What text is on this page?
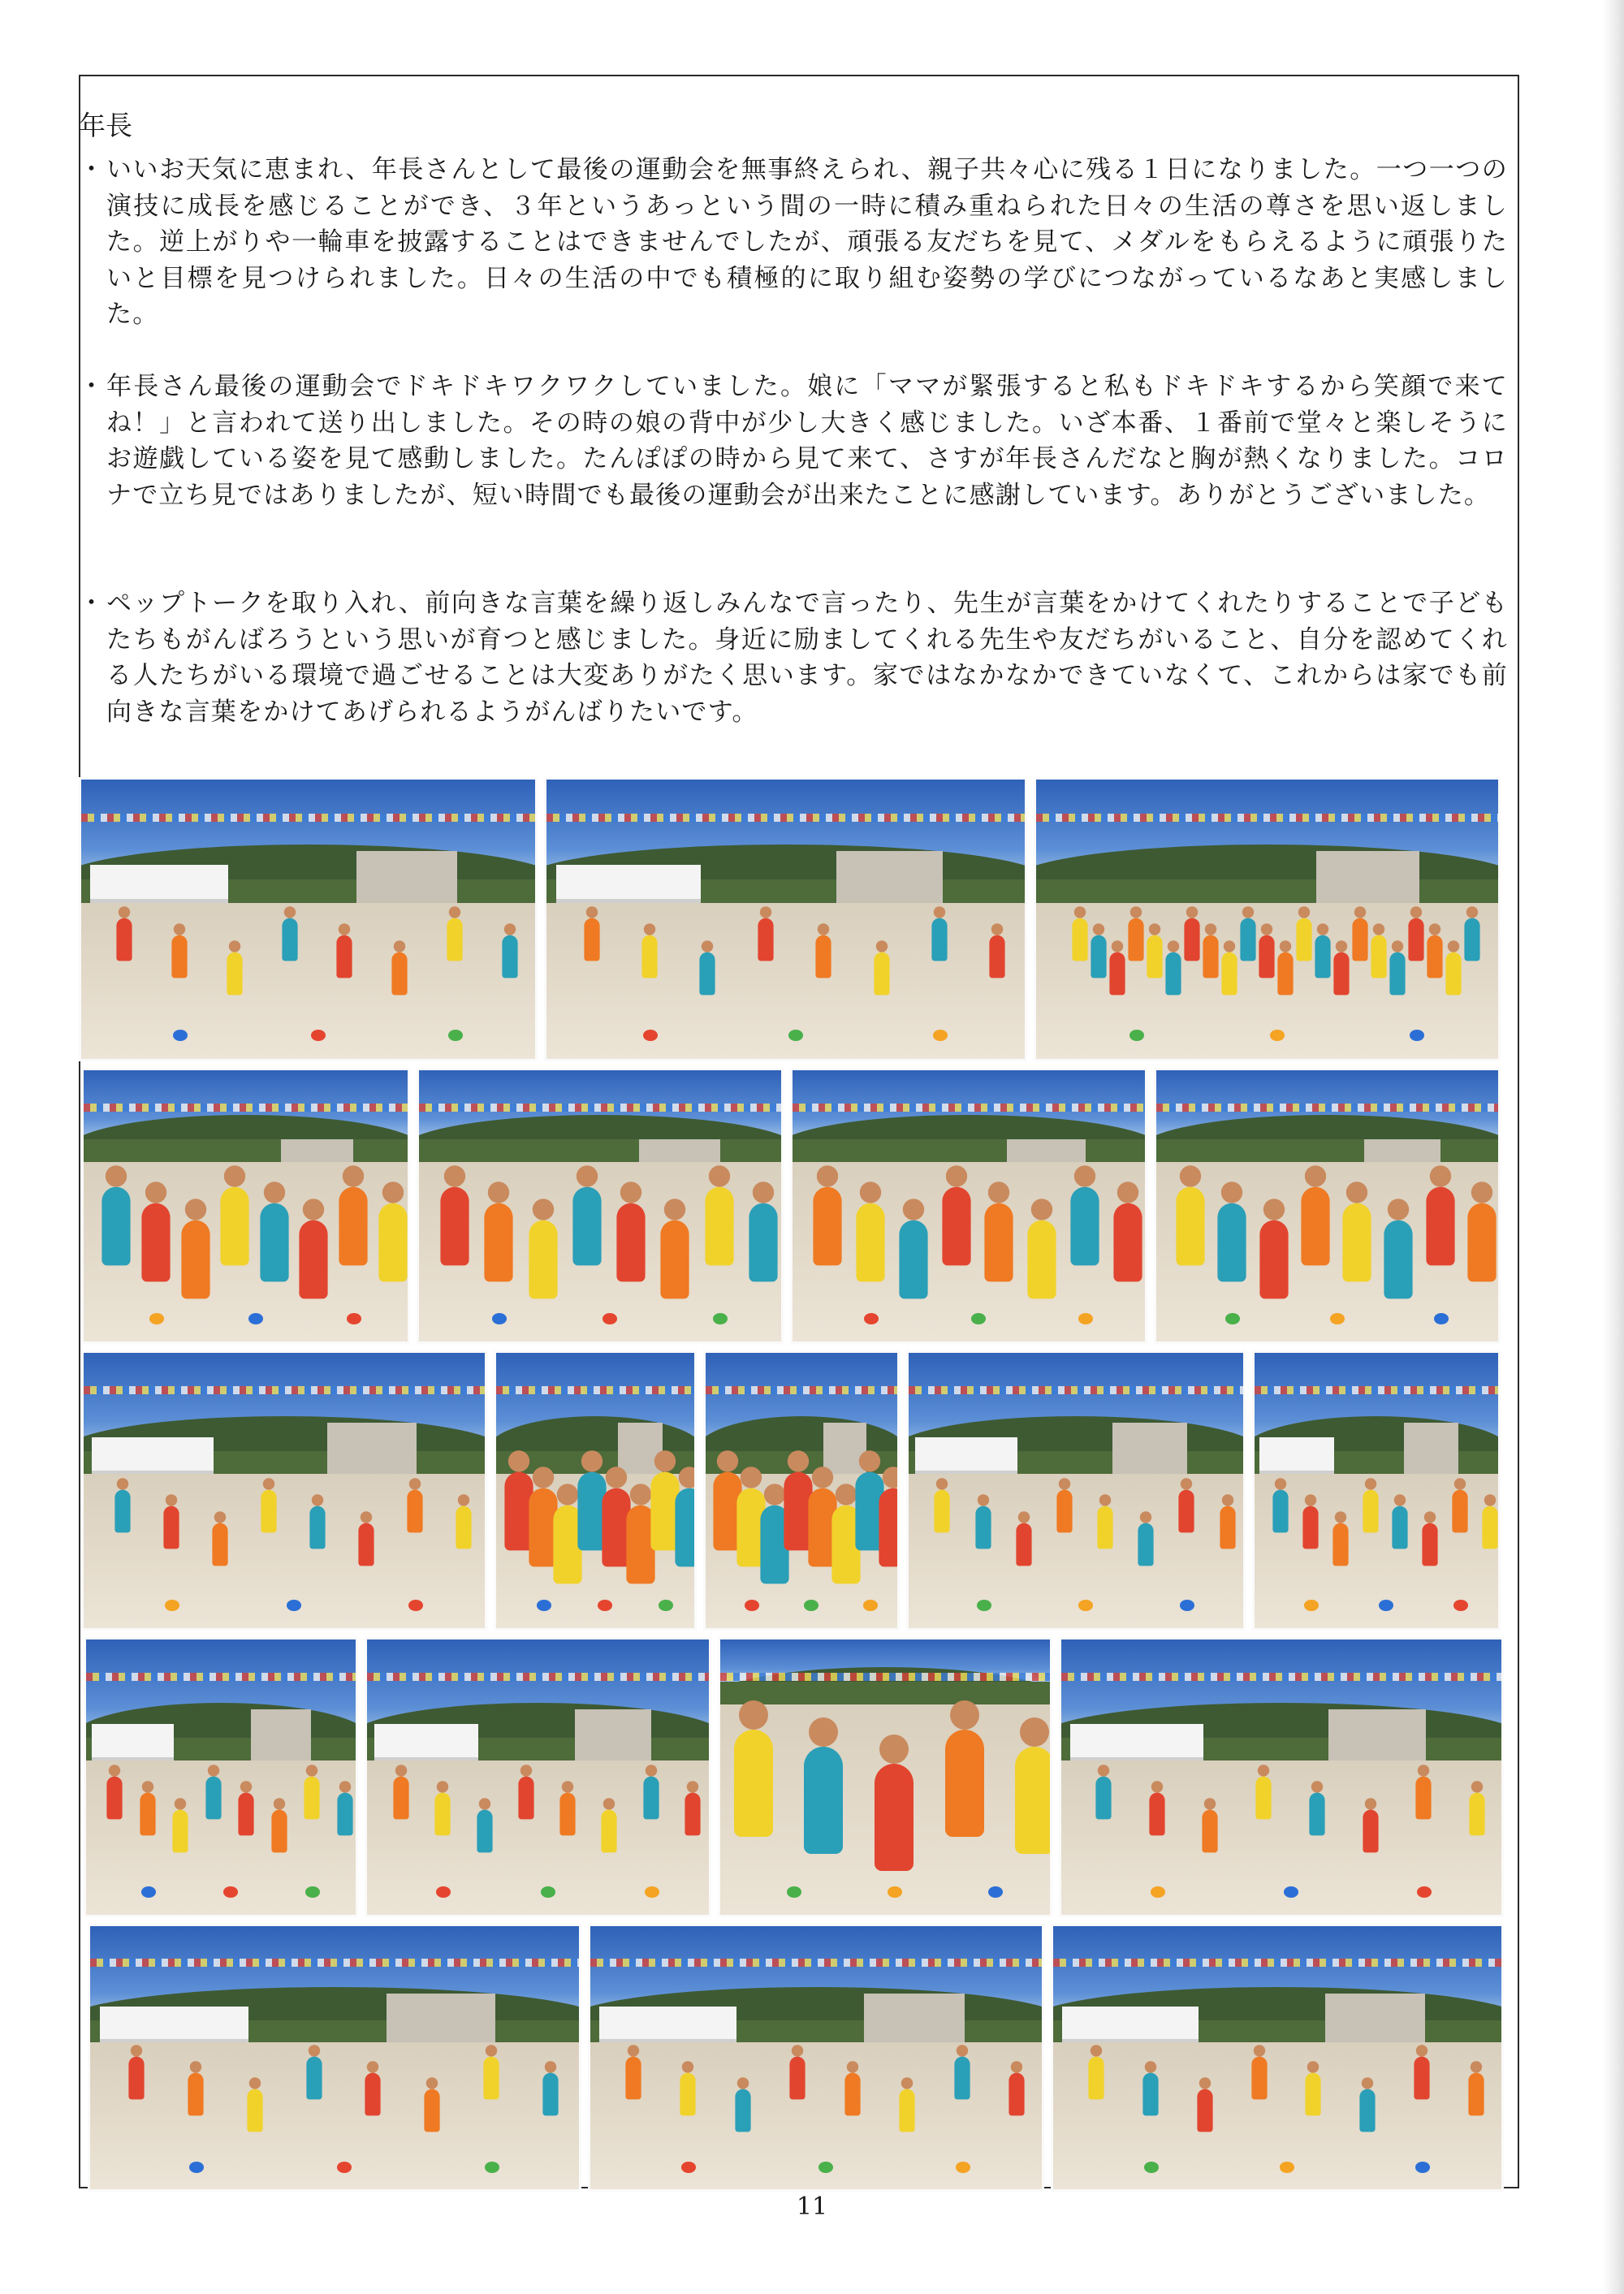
年長
・ いいお天気に恵まれ、年長さんとして最後の運動会を無事終えられ、親子共々心に残る１日になりました。一つ一つの演技に成長を感じることができ、３年というあっという間の一時に積み重ねられた日々の生活の尊さを思い返しました。逆上がりや一輪車を披露することはできませんでしたが、頑張る友だちを見て、メダルをもらえるように頑張りたいと目標を見つけられました。日々の生活の中でも積極的に取り組む姿勢の学びにつながっているなあと実感しました。
・ 年長さん最後の運動会でドキドキワクワクしていました。娘に「ママが緊張すると私もドキドキするから笑顔で来てね！」と言われて送り出しました。その時の娘の背中が少し大きく感じました。いざ本番、１番前で堂々と楽しそうにお遊戯している姿を見て感動しました。たんぽぽの時から見て来て、さすが年長さんだなと胸が熱くなりました。コロナで立ち見ではありましたが、短い時間でも最後の運動会が出来たことに感謝しています。ありがとうございました。
・ ペップトークを取り入れ、前向きな言葉を繰り返しみんなで言ったり、先生が言葉をかけてくれたりすることで子どもたちもがんばろうという思いが育つと感じました。身近に励ましてくれる先生や友だちがいること、自分を認めてくれる人たちがいる環境で過ごせることは大変ありがたく思います。家ではなかなかできていなくて、これからは家でも前向きな言葉をかけてあげられるようがんばりたいです。
11
